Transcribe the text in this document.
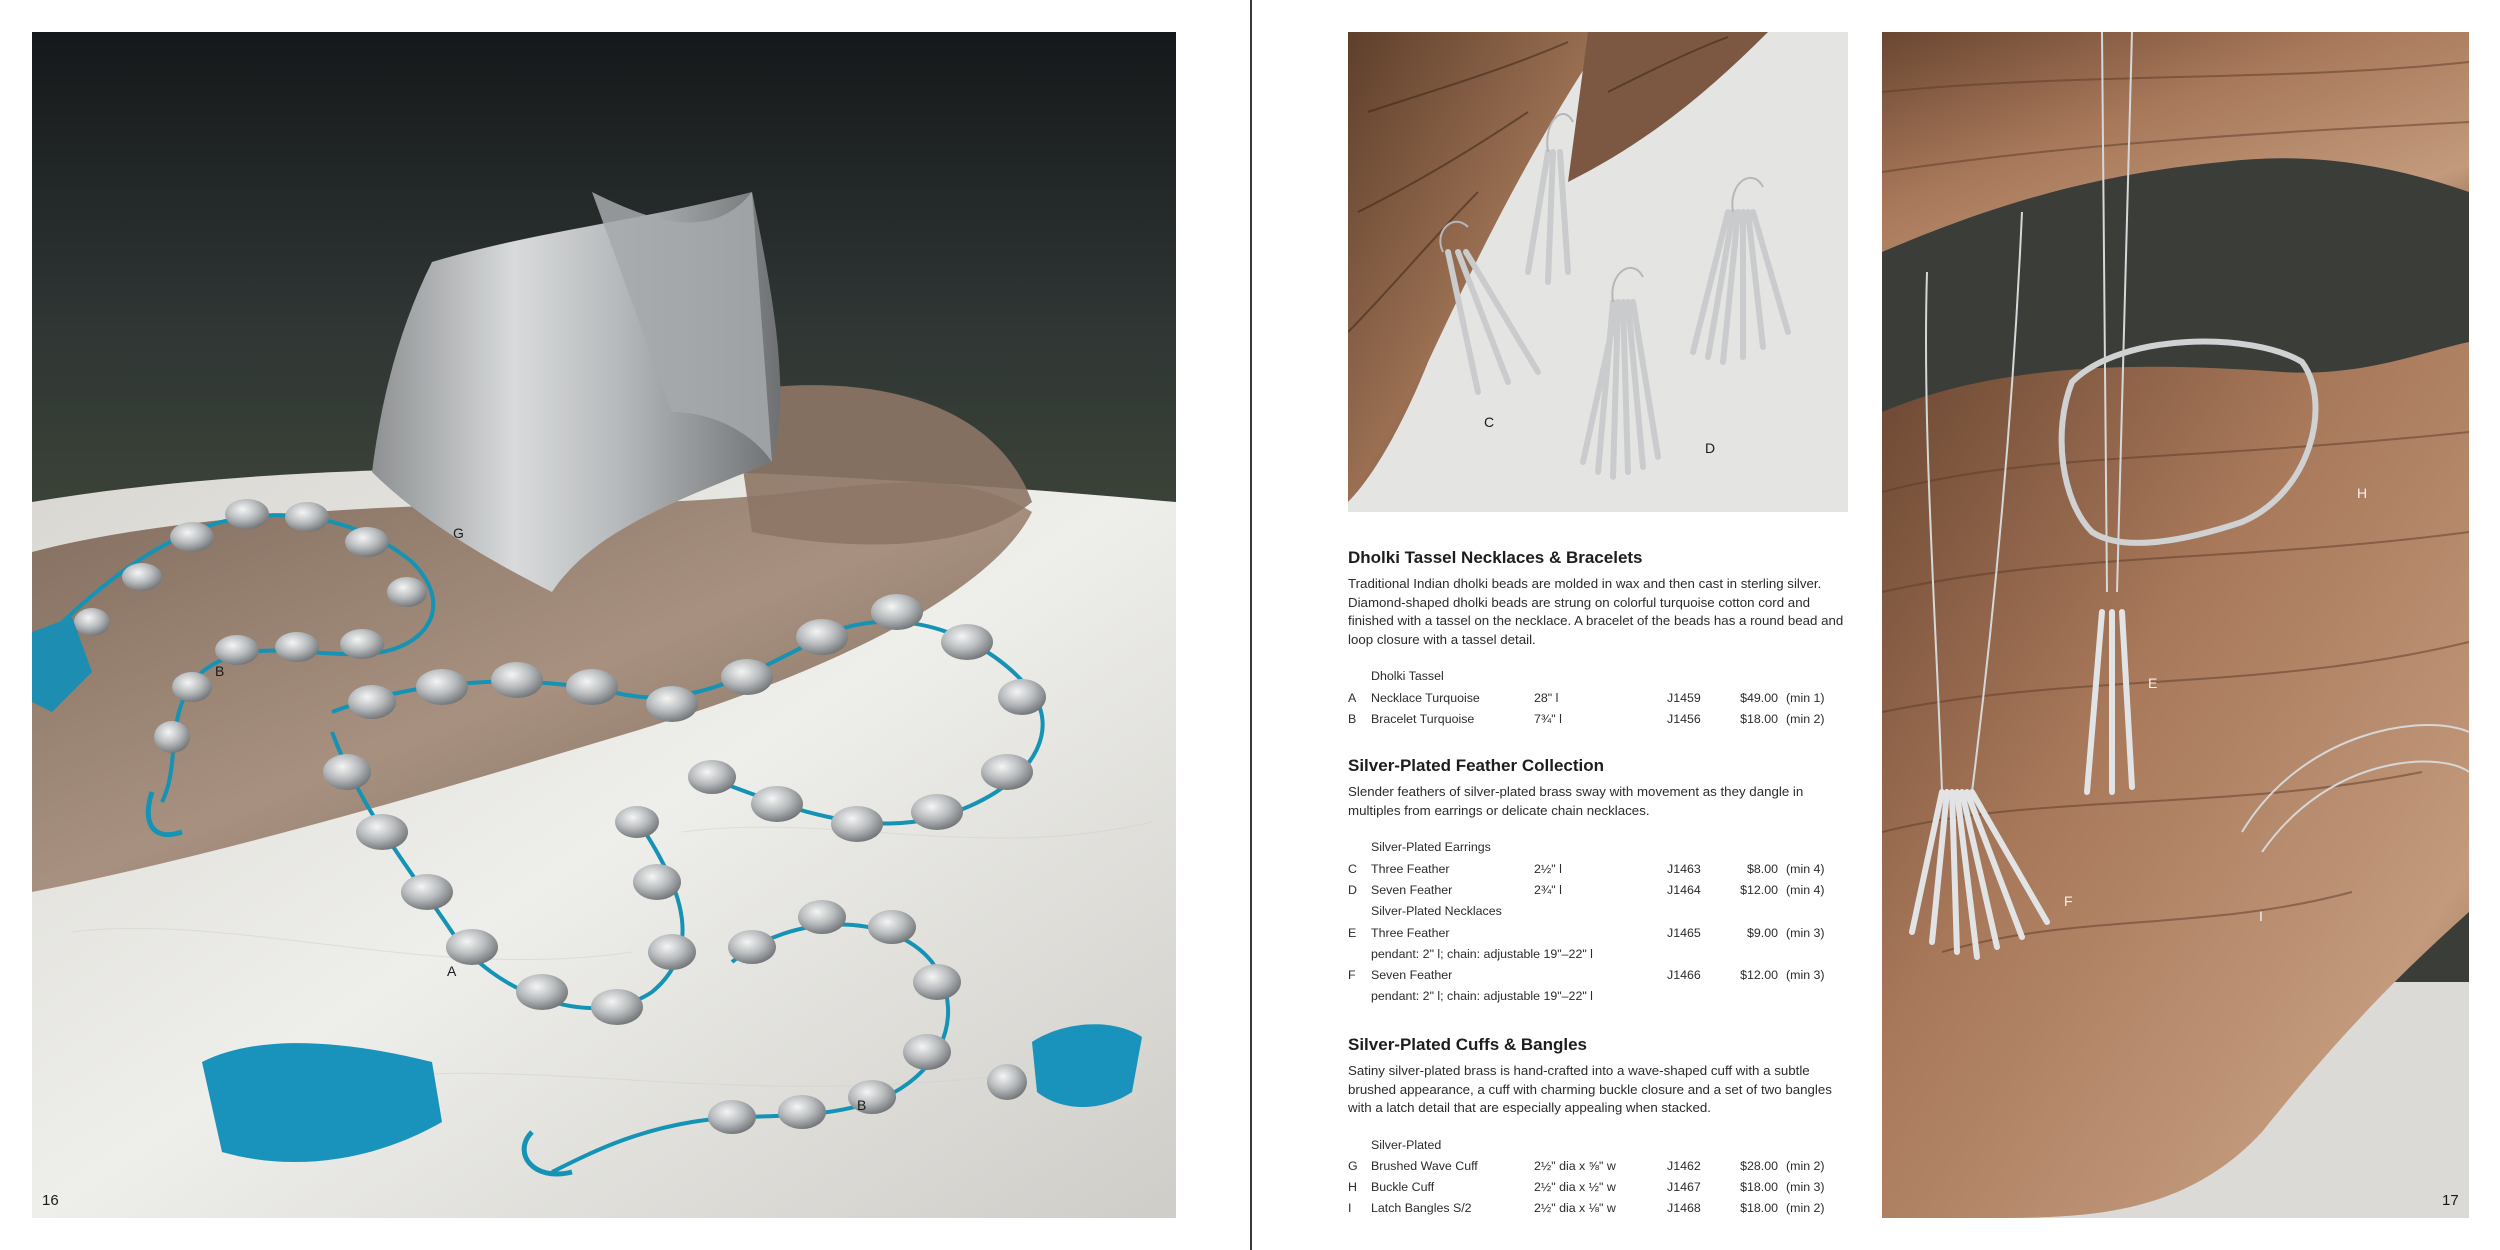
G
B
A
B
16
C
D
H
E
F
I
Dholki Tassel Necklaces & Bracelets

Traditional Indian dholki beads are molded in wax and then cast in sterling silver. Diamond-shaped dholki beads are strung on colorful turquoise cotton cord and finished with a tassel on the necklace. A bracelet of the beads has a round bead and loop closure with a tassel detail.

	Dholki Tassel				
A	Necklace Turquoise	28" l	J1459	$49.00	(min 1)
B	Bracelet Turquoise	7¾" l	J1456	$18.00	(min 2)
Silver-Plated Feather Collection

Slender feathers of silver-plated brass sway with movement as they dangle in multiples from earrings or delicate chain necklaces.

	Silver-Plated Earrings				
C	Three Feather	2½" l	J1463	$8.00	(min 4)
D	Seven Feather	2¾" l	J1464	$12.00	(min 4)
	Silver-Plated Necklaces				
E	Three Feather		J1465	$9.00	(min 3)
	pendant: 2" l; chain: adjustable 19"–22" l				
F	Seven Feather		J1466	$12.00	(min 3)
	pendant: 2" l; chain: adjustable 19"–22" l				
Silver-Plated Cuffs & Bangles

Satiny silver-plated brass is hand-crafted into a wave-shaped cuff with a subtle brushed appearance, a cuff with charming buckle closure and a set of two bangles with a latch detail that are especially appealing when stacked.

	Silver-Plated				
G	Brushed Wave Cuff	2½" dia x ⅝" w	J1462	$28.00	(min 2)
H	Buckle Cuff	2½" dia x ½" w	J1467	$18.00	(min 3)
I	Latch Bangles S/2	2½" dia x ⅛" w	J1468	$18.00	(min 2)	17
